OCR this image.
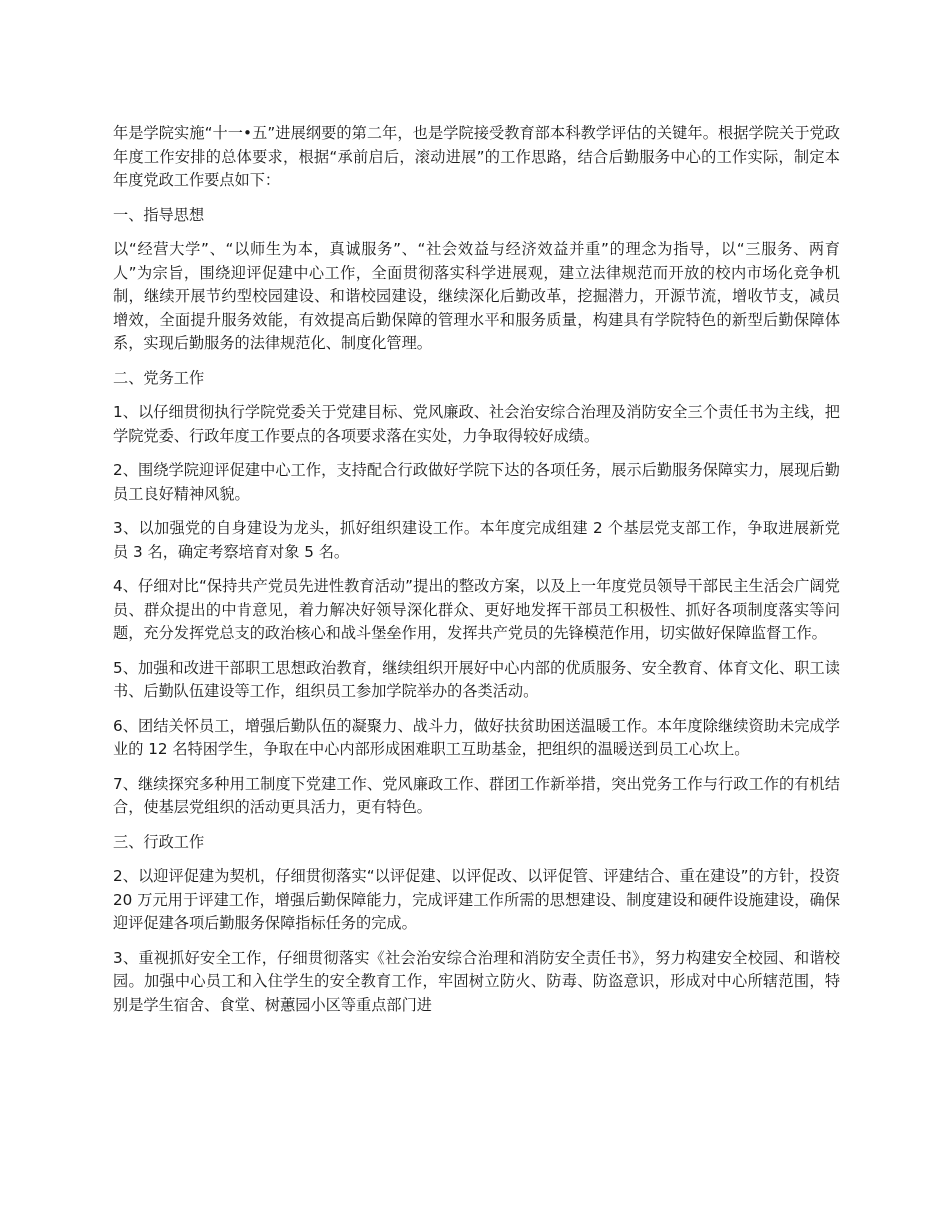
年是学院实施“十一•五”进展纲要的第二年，也是学院接受教育部本科教学评估的关键年。根据学院关于党政年度工作安排的总体要求，根据“承前启后，滚动进展”的工作思路，结合后勤服务中心的工作实际，制定本年度党政工作要点如下：

一、指导思想

以“经营大学”、“以师生为本，真诚服务”、“社会效益与经济效益并重”的理念为指导，以“三服务、两育人”为宗旨，围绕迎评促建中心工作，全面贯彻落实科学进展观，建立法律规范而开放的校内市场化竞争机制，继续开展节约型校园建设、和谐校园建设，继续深化后勤改革，挖掘潜力，开源节流，增收节支，减员增效，全面提升服务效能，有效提高后勤保障的管理水平和服务质量，构建具有学院特色的新型后勤保障体系，实现后勤服务的法律规范化、制度化管理。

二、党务工作

1、以仔细贯彻执行学院党委关于党建目标、党风廉政、社会治安综合治理及消防安全三个责任书为主线，把学院党委、行政年度工作要点的各项要求落在实处，力争取得较好成绩。

2、围绕学院迎评促建中心工作，支持配合行政做好学院下达的各项任务，展示后勤服务保障实力，展现后勤员工良好精神风貌。

3、以加强党的自身建设为龙头，抓好组织建设工作。本年度完成组建 2 个基层党支部工作，争取进展新党员 3 名，确定考察培育对象 5 名。

4、仔细对比“保持共产党员先进性教育活动”提出的整改方案，以及上一年度党员领导干部民主生活会广阔党员、群众提出的中肯意见，着力解决好领导深化群众、更好地发挥干部员工积极性、抓好各项制度落实等问题，充分发挥党总支的政治核心和战斗堡垒作用，发挥共产党员的先锋模范作用，切实做好保障监督工作。

5、加强和改进干部职工思想政治教育，继续组织开展好中心内部的优质服务、安全教育、体育文化、职工读书、后勤队伍建设等工作，组织员工参加学院举办的各类活动。

6、团结关怀员工，增强后勤队伍的凝聚力、战斗力，做好扶贫助困送温暖工作。本年度除继续资助未完成学业的 12 名特困学生，争取在中心内部形成困难职工互助基金，把组织的温暖送到员工心坎上。

7、继续探究多种用工制度下党建工作、党风廉政工作、群团工作新举措，突出党务工作与行政工作的有机结合，使基层党组织的活动更具活力，更有特色。

三、行政工作

2、以迎评促建为契机，仔细贯彻落实“以评促建、以评促改、以评促管、评建结合、重在建设”的方针，投资 20 万元用于评建工作，增强后勤保障能力，完成评建工作所需的思想建设、制度建设和硬件设施建设，确保迎评促建各项后勤服务保障指标任务的完成。

3、重视抓好安全工作，仔细贯彻落实《社会治安综合治理和消防安全责任书》，努力构建安全校园、和谐校园。加强中心员工和入住学生的安全教育工作，牢固树立防火、防毒、防盗意识，形成对中心所辖范围，特别是学生宿舍、食堂、树蕙园小区等重点部门进
